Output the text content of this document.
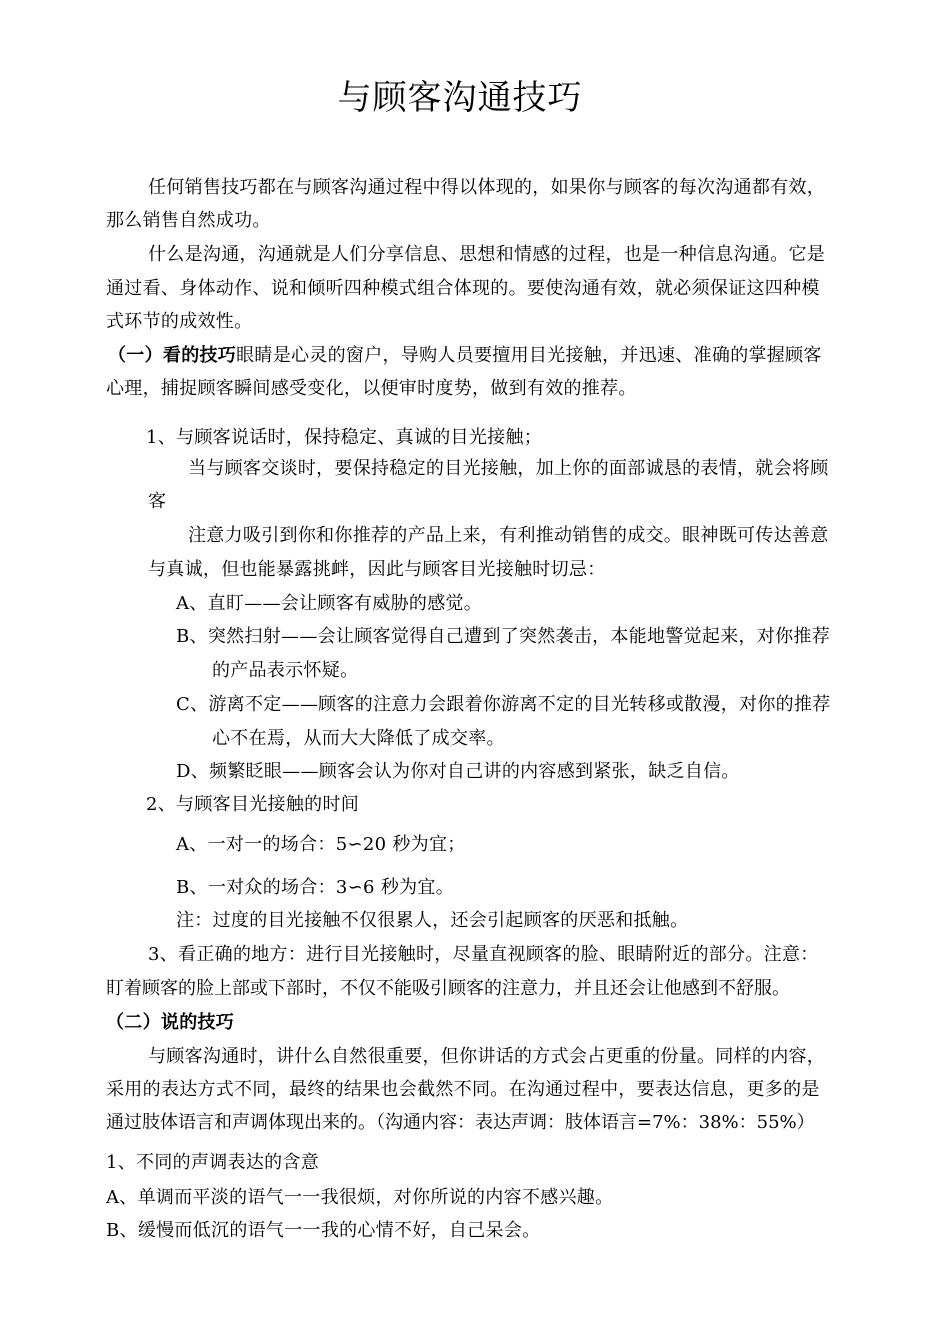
与顾客沟通技巧
任何销售技巧都在与顾客沟通过程中得以体现的，如果你与顾客的每次沟通都有效，
那么销售自然成功。
什么是沟通，沟通就是人们分享信息、思想和情感的过程，也是一种信息沟通。它是
通过看、身体动作、说和倾听四种模式组合体现的。要使沟通有效，就必须保证这四种模
式环节的成效性。
（一）看的技巧眼睛是心灵的窗户，导购人员要擅用目光接触，并迅速、准确的掌握顾客
心理，捕捉顾客瞬间感受变化，以便审时度势，做到有效的推荐。
1、与顾客说话时，保持稳定、真诚的目光接触；
当与顾客交谈时，要保持稳定的目光接触，加上你的面部诚恳的表情，就会将顾
客
注意力吸引到你和你推荐的产品上来，有利推动销售的成交。眼神既可传达善意
与真诚，但也能暴露挑衅，因此与顾客目光接触时切忌：
A、直盯——会让顾客有威胁的感觉。
B、突然扫射——会让顾客觉得自己遭到了突然袭击，本能地警觉起来，对你推荐
的产品表示怀疑。
C、游离不定——顾客的注意力会跟着你游离不定的目光转移或散漫，对你的推荐
心不在焉，从而大大降低了成交率。
D、频繁眨眼——顾客会认为你对自己讲的内容感到紧张，缺乏自信。
2、与顾客目光接触的时间
A、一对一的场合：5∽20 秒为宜；
B、一对众的场合：3∽6 秒为宜。
注：过度的目光接触不仅很累人，还会引起顾客的厌恶和抵触。
3、看正确的地方：进行目光接触时，尽量直视顾客的脸、眼睛附近的部分。注意：
盯着顾客的脸上部或下部时，不仅不能吸引顾客的注意力，并且还会让他感到不舒服。
（二）说的技巧
与顾客沟通时，讲什么自然很重要，但你讲话的方式会占更重的份量。同样的内容，
采用的表达方式不同，最终的结果也会截然不同。在沟通过程中，要表达信息，更多的是
通过肢体语言和声调体现出来的。（沟通内容：表达声调：肢体语言=7%：38%：55%）
1、不同的声调表达的含意
A、单调而平淡的语气一一我很烦，对你所说的内容不感兴趣。
B、缓慢而低沉的语气一一我的心情不好，自己呆会。
